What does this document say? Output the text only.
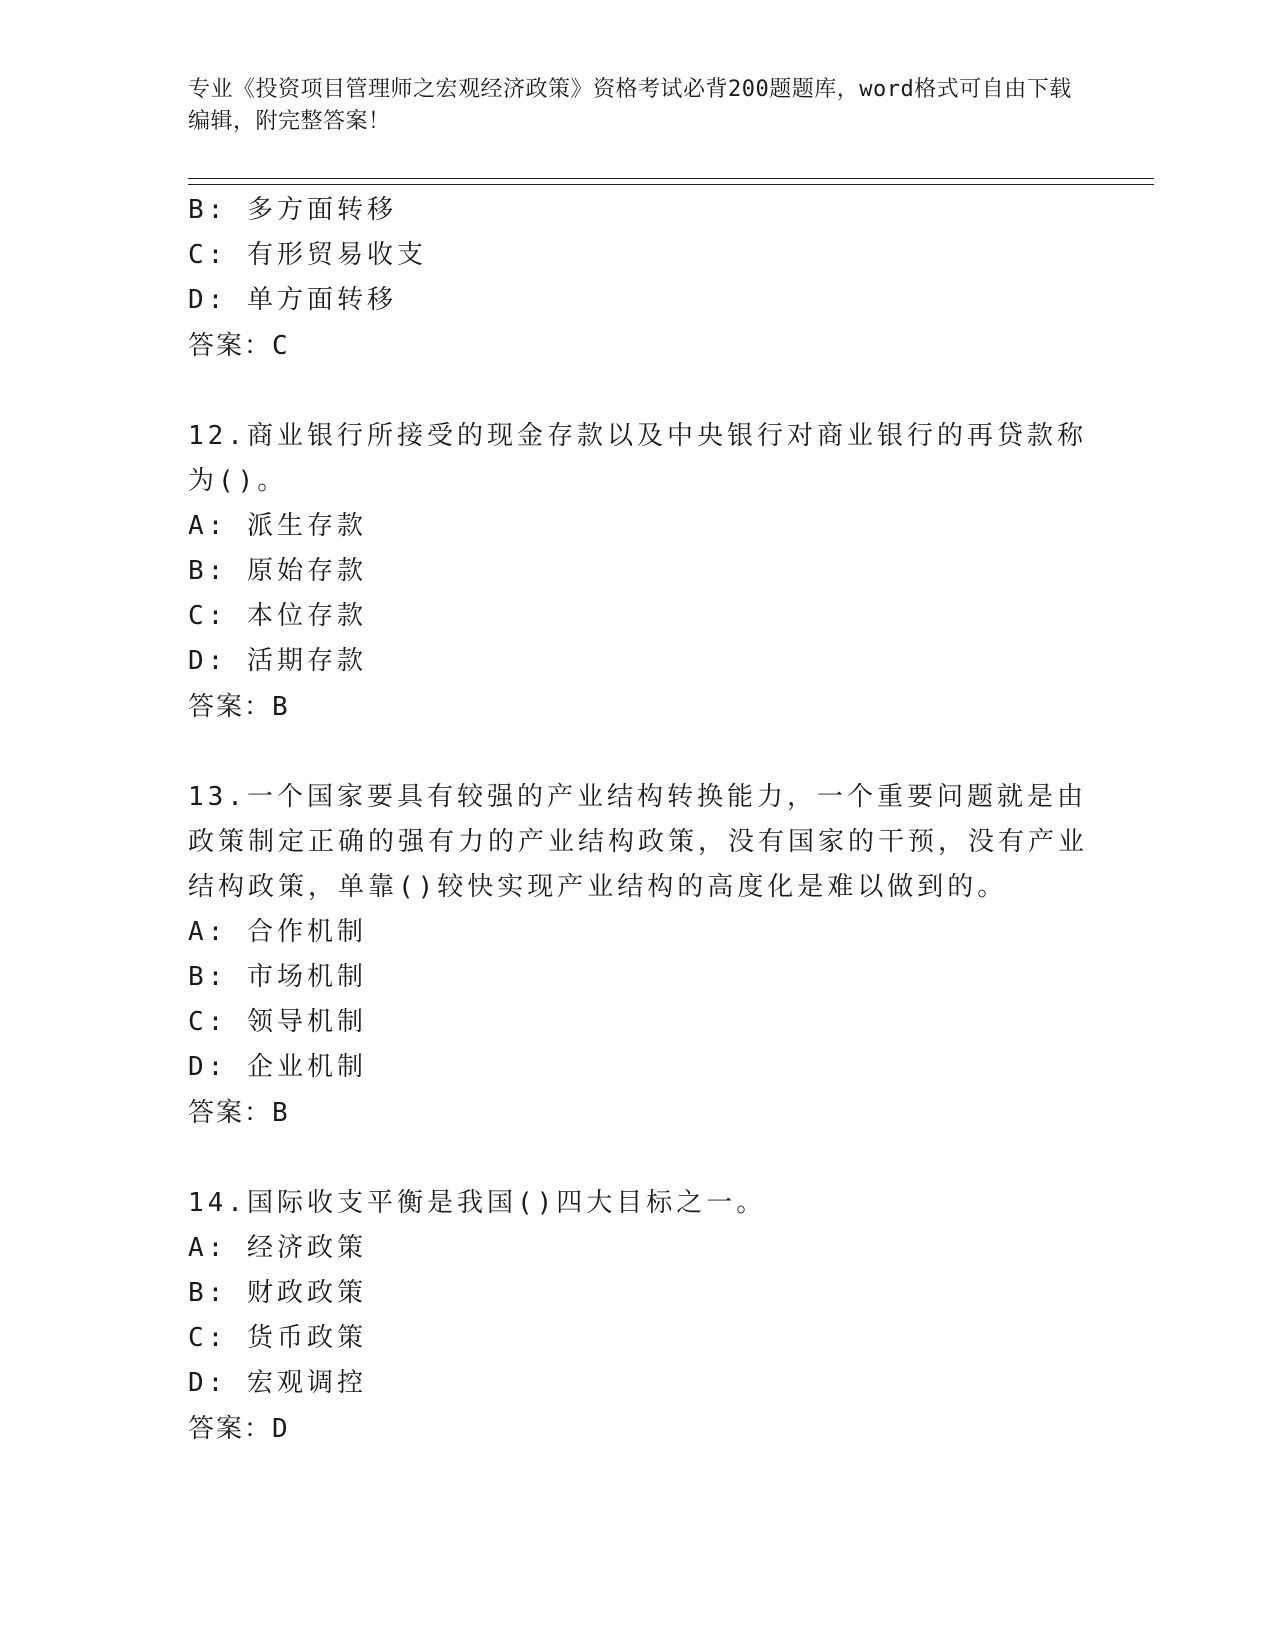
专业《投资项目管理师之宏观经济政策》资格考试必背200题题库，word格式可自由下载编辑，附完整答案！
B: 多方面转移
C: 有形贸易收支
D: 单方面转移
答案：C
12.商业银行所接受的现金存款以及中央银行对商业银行的再贷款称为()。
A: 派生存款
B: 原始存款
C: 本位存款
D: 活期存款
答案：B
13.一个国家要具有较强的产业结构转换能力，一个重要问题就是由政策制定正确的强有力的产业结构政策，没有国家的干预，没有产业结构政策，单靠()较快实现产业结构的高度化是难以做到的。
A: 合作机制
B: 市场机制
C: 领导机制
D: 企业机制
答案：B
14.国际收支平衡是我国()四大目标之一。
A: 经济政策
B: 财政政策
C: 货币政策
D: 宏观调控
答案：D
